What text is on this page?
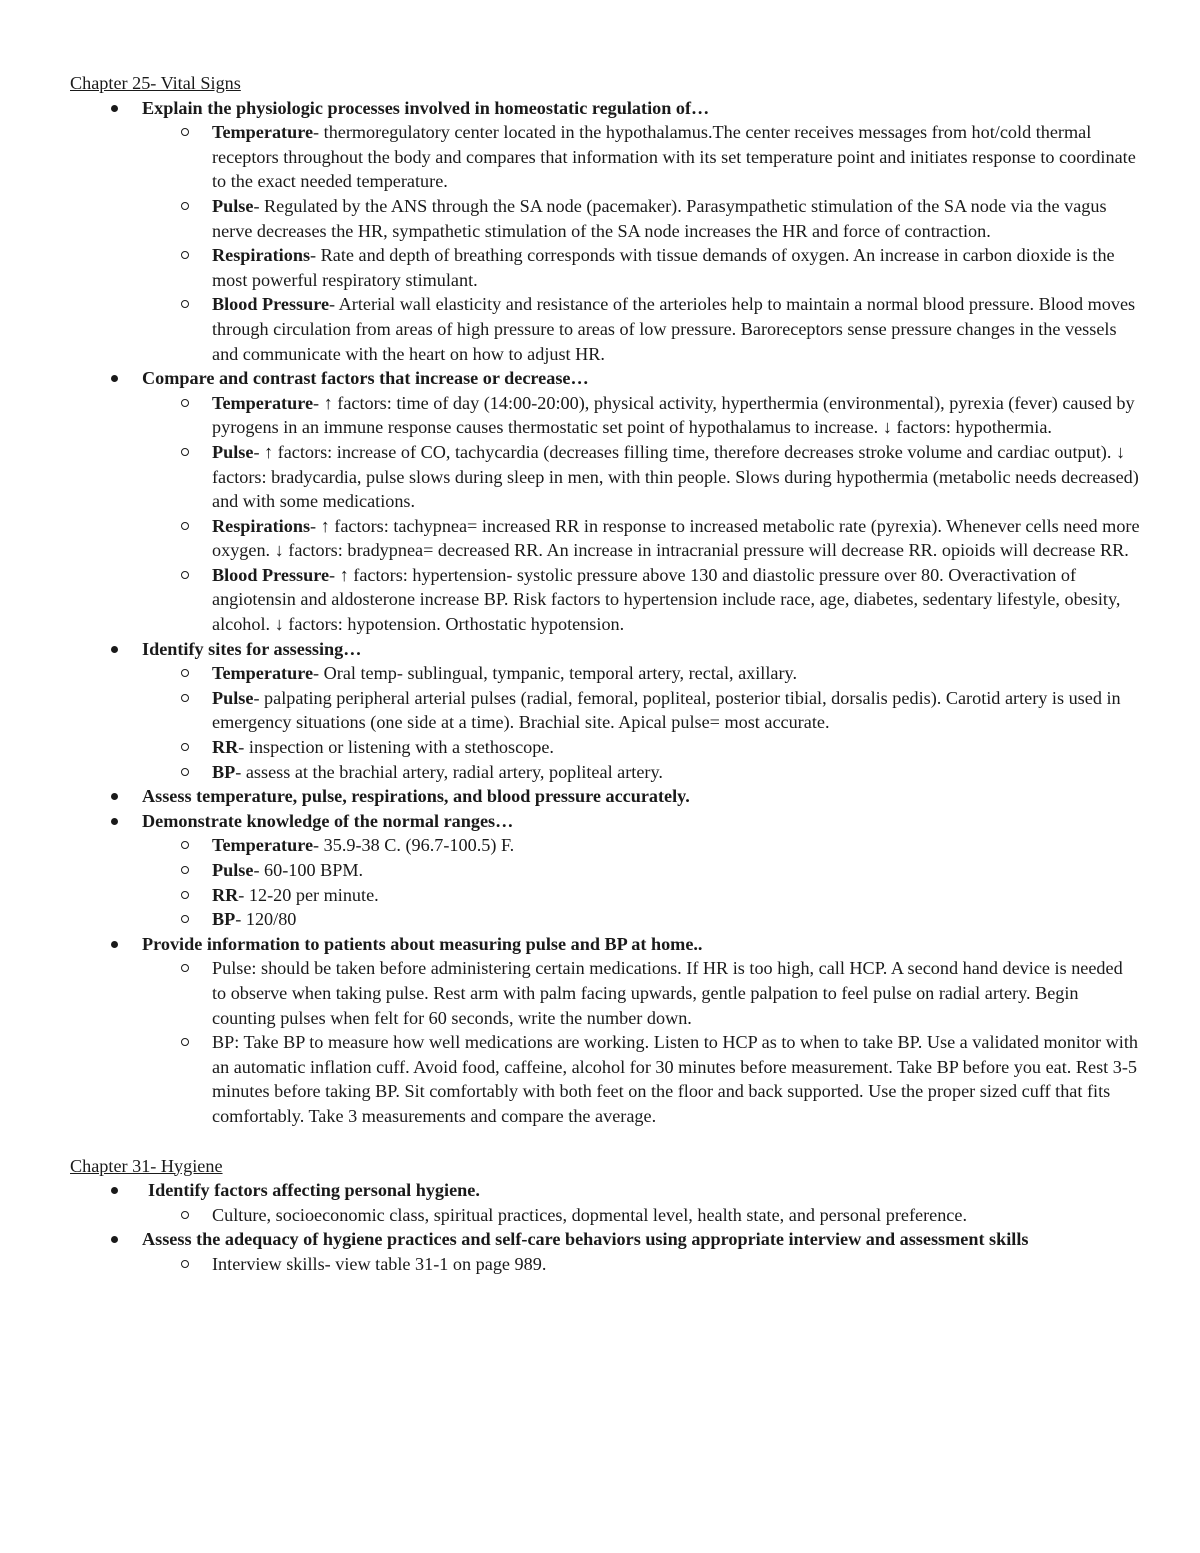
Chapter 25- Vital Signs
Explain the physiologic processes involved in homeostatic regulation of…
Temperature- thermoregulatory center located in the hypothalamus.The center receives messages from hot/cold thermal receptors throughout the body and compares that information with its set temperature point and initiates response to coordinate to the exact needed temperature.
Pulse- Regulated by the ANS through the SA node (pacemaker). Parasympathetic stimulation of the SA node via the vagus nerve decreases the HR, sympathetic stimulation of the SA node increases the HR and force of contraction.
Respirations- Rate and depth of breathing corresponds with tissue demands of oxygen. An increase in carbon dioxide is the most powerful respiratory stimulant.
Blood Pressure- Arterial wall elasticity and resistance of the arterioles help to maintain a normal blood pressure. Blood moves through circulation from areas of high pressure to areas of low pressure. Baroreceptors sense pressure changes in the vessels and communicate with the heart on how to adjust HR.
Compare and contrast factors that increase or decrease…
Temperature- ↑ factors: time of day (14:00-20:00), physical activity, hyperthermia (environmental), pyrexia (fever) caused by pyrogens in an immune response causes thermostatic set point of hypothalamus to increase. ↓ factors: hypothermia.
Pulse- ↑ factors: increase of CO, tachycardia (decreases filling time, therefore decreases stroke volume and cardiac output). ↓ factors: bradycardia, pulse slows during sleep in men, with thin people. Slows during hypothermia (metabolic needs decreased) and with some medications.
Respirations- ↑ factors: tachypnea= increased RR in response to increased metabolic rate (pyrexia). Whenever cells need more oxygen. ↓ factors: bradypnea= decreased RR. An increase in intracranial pressure will decrease RR. opioids will decrease RR.
Blood Pressure- ↑ factors: hypertension- systolic pressure above 130 and diastolic pressure over 80. Overactivation of angiotensin and aldosterone increase BP. Risk factors to hypertension include race, age, diabetes, sedentary lifestyle, obesity, alcohol. ↓ factors: hypotension. Orthostatic hypotension.
Identify sites for assessing…
Temperature- Oral temp- sublingual, tympanic, temporal artery, rectal, axillary.
Pulse- palpating peripheral arterial pulses (radial, femoral, popliteal, posterior tibial, dorsalis pedis). Carotid artery is used in emergency situations (one side at a time). Brachial site. Apical pulse= most accurate.
RR- inspection or listening with a stethoscope.
BP- assess at the brachial artery, radial artery, popliteal artery.
Assess temperature, pulse, respirations, and blood pressure accurately.
Demonstrate knowledge of the normal ranges…
Temperature- 35.9-38 C. (96.7-100.5) F.
Pulse- 60-100 BPM.
RR- 12-20 per minute.
BP- 120/80
Provide information to patients about measuring pulse and BP at home..
Pulse: should be taken before administering certain medications. If HR is too high, call HCP. A second hand device is needed to observe when taking pulse. Rest arm with palm facing upwards, gentle palpation to feel pulse on radial artery. Begin counting pulses when felt for 60 seconds, write the number down.
BP: Take BP to measure how well medications are working. Listen to HCP as to when to take BP. Use a validated monitor with an automatic inflation cuff. Avoid food, caffeine, alcohol for 30 minutes before measurement. Take BP before you eat. Rest 3-5 minutes before taking BP. Sit comfortably with both feet on the floor and back supported. Use the proper sized cuff that fits comfortably. Take 3 measurements and compare the average.
Chapter 31- Hygiene
Identify factors affecting personal hygiene.
Culture, socioeconomic class, spiritual practices, dopmental level, health state, and personal preference.
Assess the adequacy of hygiene practices and self-care behaviors using appropriate interview and assessment skills
Interview skills- view table 31-1 on page 989.
